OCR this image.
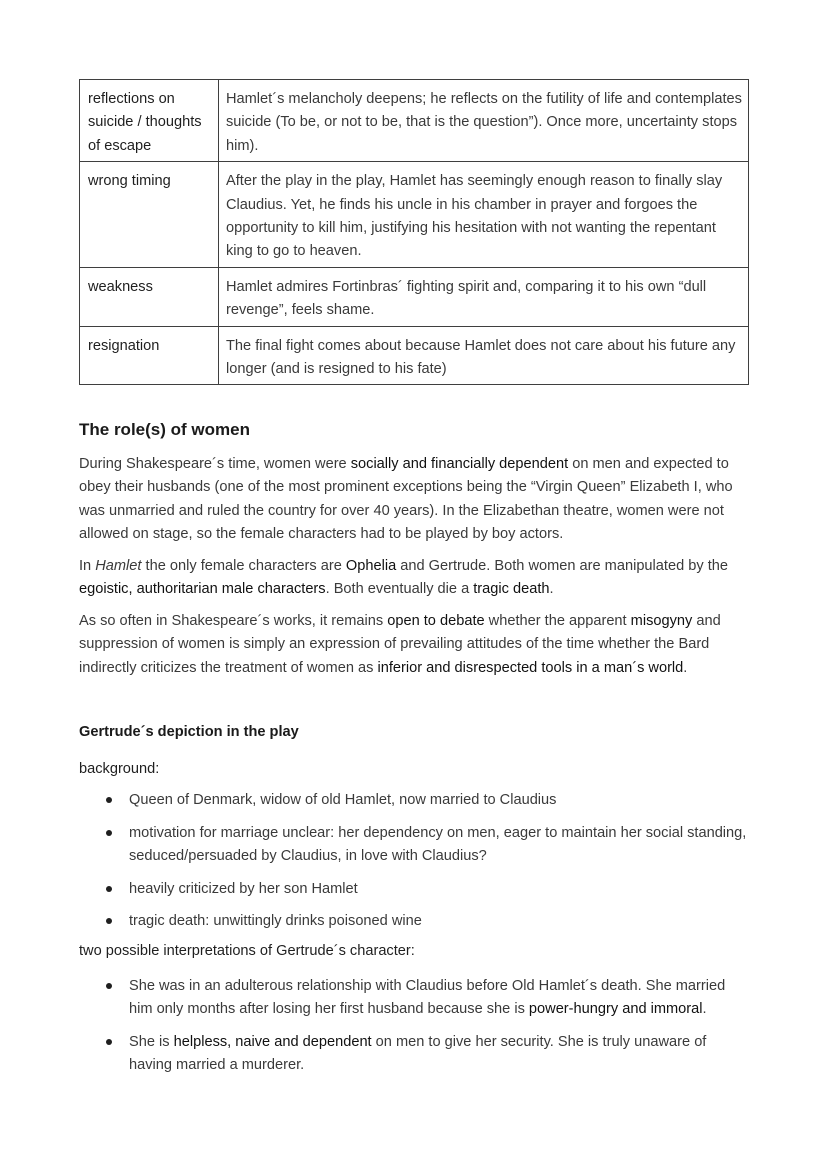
reflections on suicide / thoughts of escape	Hamlet´s melancholy deepens; he reflects on the futility of life and contemplates suicide (To be, or not to be, that is the question”). Once more, uncertainty stops him).
wrong timing	After the play in the play, Hamlet has seemingly enough reason to finally slay Claudius. Yet, he finds his uncle in his chamber in prayer and forgoes the opportunity to kill him, justifying his hesitation with not wanting the repentant king to go to heaven.
weakness	Hamlet admires Fortinbras´ fighting spirit and, comparing it to his own “dull revenge”, feels shame.
resignation	The final fight comes about because Hamlet does not care about his future any longer (and is resigned to his fate)
The role(s) of women

During Shakespeare´s time, women were socially and financially dependent on men and expected to obey their husbands (one of the most prominent exceptions being the “Virgin Queen” Elizabeth I, who was unmarried and ruled the country for over 40 years). In the Elizabethan theatre, women were not allowed on stage, so the female characters had to be played by boy actors.

In Hamlet the only female characters are Ophelia and Gertrude. Both women are manipulated by the egoistic, authoritarian male characters. Both eventually die a tragic death.

As so often in Shakespeare´s works, it remains open to debate whether the apparent misogyny and suppression of women is simply an expression of prevailing attitudes of the time whether the Bard indirectly criticizes the treatment of women as inferior and disrespected tools in a man´s world.

Gertrude´s depiction in the play

background:

Queen of Denmark, widow of old Hamlet, now married to Claudius
motivation for marriage unclear: her dependency on men, eager to maintain her social standing, seduced/persuaded by Claudius, in love with Claudius?
heavily criticized by her son Hamlet
tragic death: unwittingly drinks poisoned wine

two possible interpretations of Gertrude´s character:

She was in an adulterous relationship with Claudius before Old Hamlet´s death. She married him only months after losing her first husband because she is power-hungry and immoral.
She is helpless, naive and dependent on men to give her security. She is truly unaware of having married a murderer.
